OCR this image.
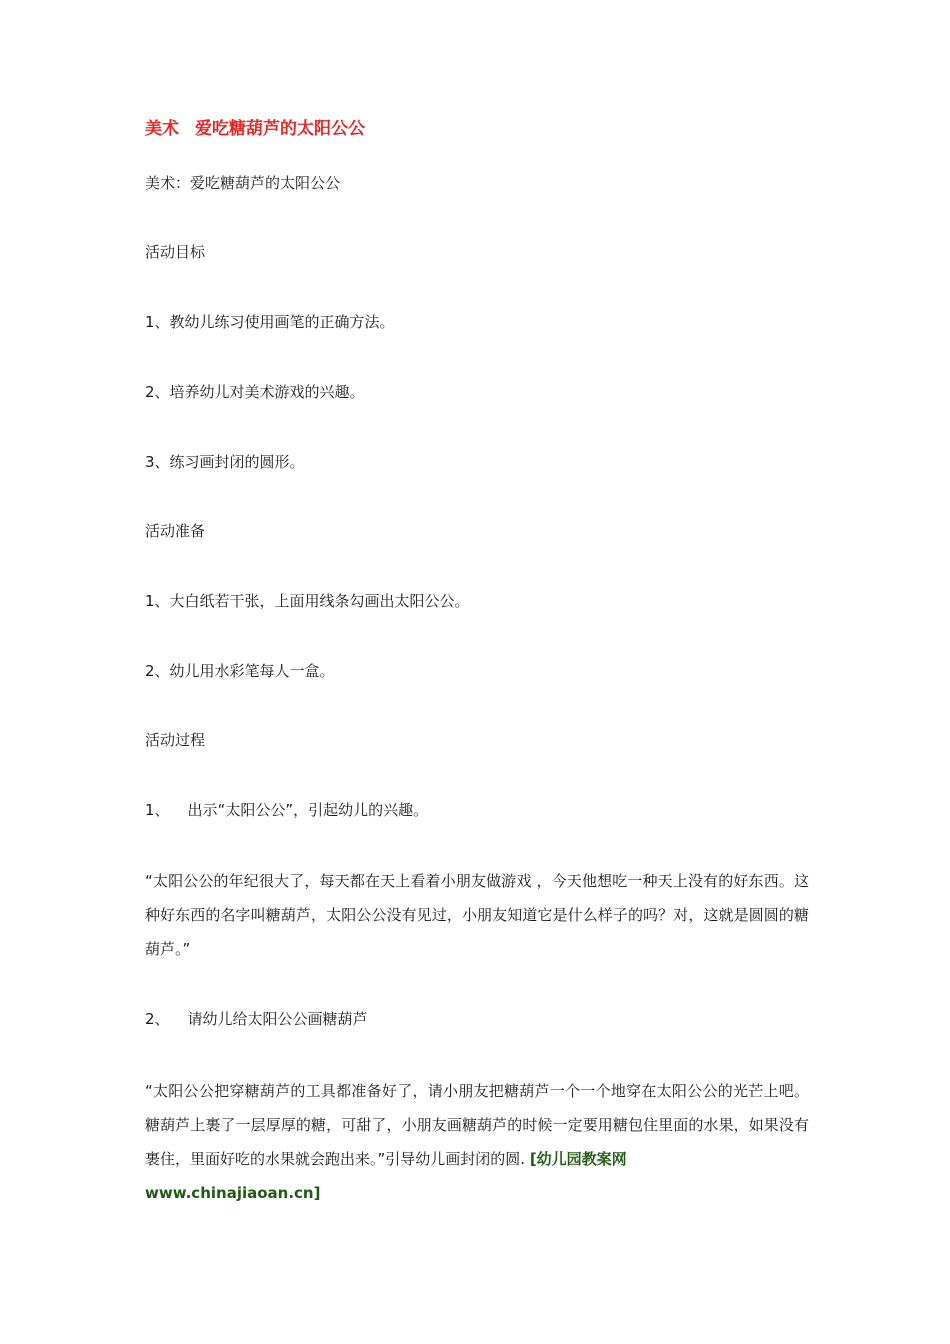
美术 爱吃糖葫芦的太阳公公
美术：爱吃糖葫芦的太阳公公
活动目标
1、教幼儿练习使用画笔的正确方法。
2、培养幼儿对美术游戏的兴趣。
3、练习画封闭的圆形。
活动准备
1、大白纸若干张，上面用线条勾画出太阳公公。
2、幼儿用水彩笔每人一盒。
活动过程
1、 出示“太阳公公”，引起幼儿的兴趣。
“太阳公公的年纪很大了，每天都在天上看着小朋友做游戏 ，今天他想吃一种天上没有的好东西。这种好东西的名字叫糖葫芦，太阳公公没有见过，小朋友知道它是什么样子的吗？对，这就是圆圆的糖葫芦。”
2、 请幼儿给太阳公公画糖葫芦
“太阳公公把穿糖葫芦的工具都准备好了，请小朋友把糖葫芦一个一个地穿在太阳公公的光芒上吧。糖葫芦上裹了一层厚厚的糖，可甜了，小朋友画糖葫芦的时候一定要用糖包住里面的水果，如果没有裹住，里面好吃的水果就会跑出来。”引导幼儿画封闭的圆. [幼儿园教案网
www.chinajiaoan.cn]
